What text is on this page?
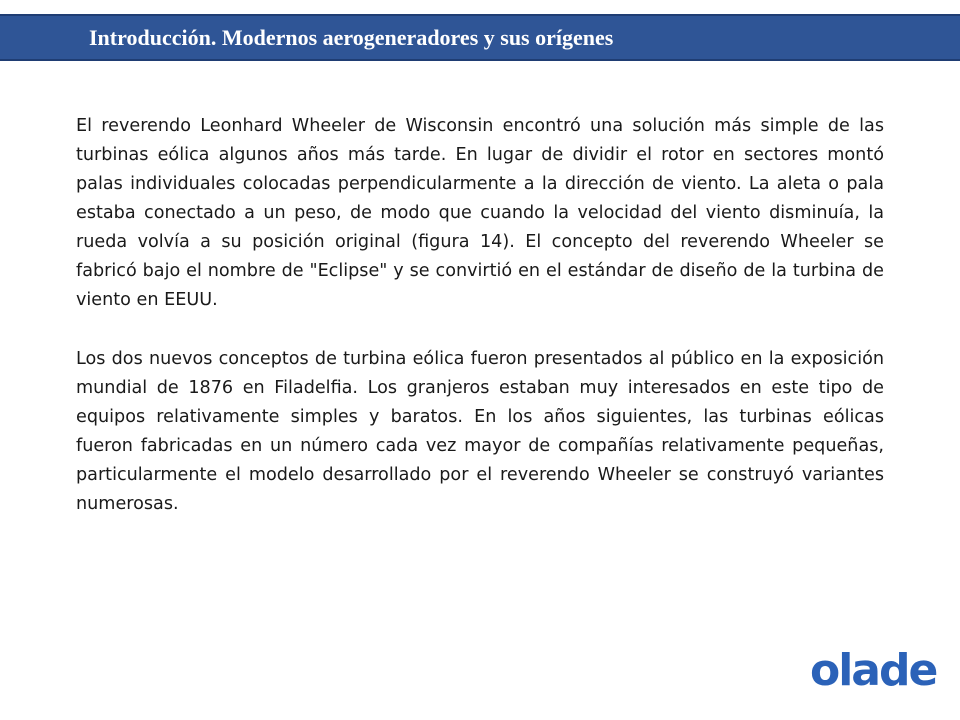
Introducción. Modernos aerogeneradores y sus orígenes

El reverendo Leonhard Wheeler de Wisconsin encontró una solución más simple de las turbinas eólica algunos años más tarde. En lugar de dividir el rotor en sectores montó palas individuales colocadas perpendicularmente a la dirección de viento. La aleta o pala estaba conectado a un peso, de modo que cuando la velocidad del viento disminuía, la rueda volvía a su posición original (figura 14). El concepto del reverendo Wheeler se fabricó bajo el nombre de "Eclipse" y se convirtió en el estándar de diseño de la turbina de viento en EEUU.

Los dos nuevos conceptos de turbina eólica fueron presentados al público en la exposición mundial de 1876 en Filadelfia. Los granjeros estaban muy interesados en este tipo de equipos relativamente simples y baratos. En los años siguientes, las turbinas eólicas fueron fabricadas en un número cada vez mayor de compañías relativamente pequeñas, particularmente el modelo desarrollado por el reverendo Wheeler se construyó variantes numerosas.

olade
